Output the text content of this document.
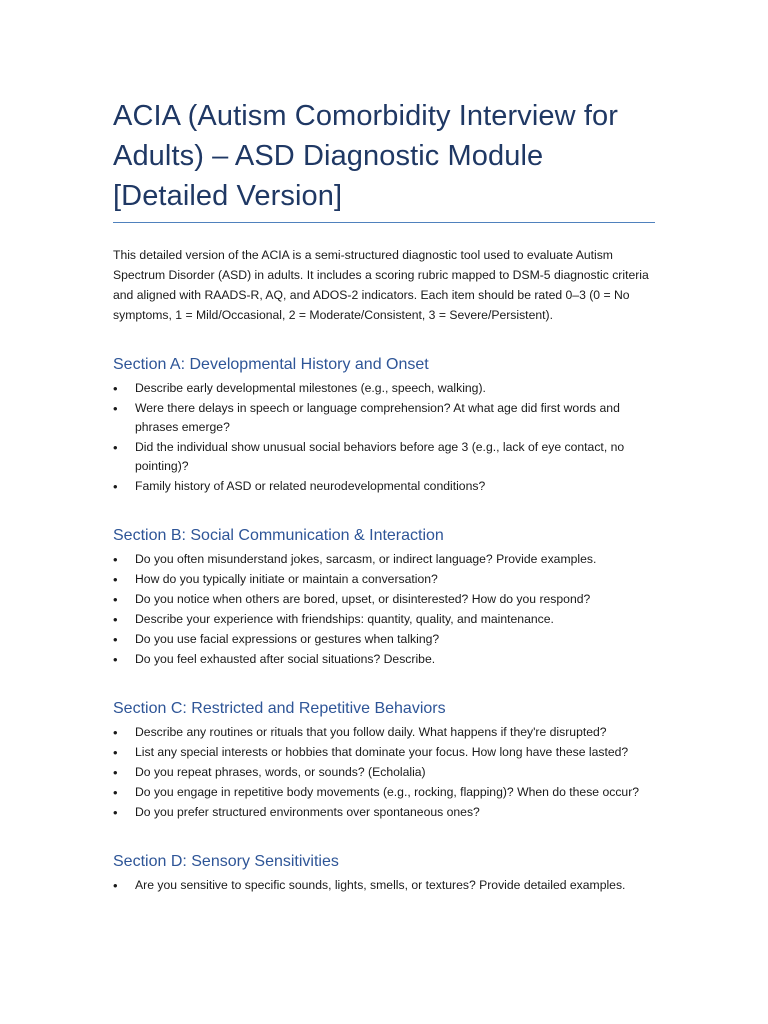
ACIA (Autism Comorbidity Interview for
Adults) – ASD Diagnostic Module
[Detailed Version]

This detailed version of the ACIA is a semi-structured diagnostic tool used to evaluate Autism Spectrum Disorder (ASD) in adults. It includes a scoring rubric mapped to DSM-5 diagnostic criteria and aligned with RAADS-R, AQ, and ADOS-2 indicators. Each item should be rated 0–3 (0 = No symptoms, 1 = Mild/Occasional, 2 = Moderate/Consistent, 3 = Severe/Persistent).

Section A: Developmental History and Onset
• Describe early developmental milestones (e.g., speech, walking).
• Were there delays in speech or language comprehension? At what age did first words and phrases emerge?
• Did the individual show unusual social behaviors before age 3 (e.g., lack of eye contact, no pointing)?
• Family history of ASD or related neurodevelopmental conditions?
Section B: Social Communication & Interaction
• Do you often misunderstand jokes, sarcasm, or indirect language? Provide examples.
• How do you typically initiate or maintain a conversation?
• Do you notice when others are bored, upset, or disinterested? How do you respond?
• Describe your experience with friendships: quantity, quality, and maintenance.
• Do you use facial expressions or gestures when talking?
• Do you feel exhausted after social situations? Describe.
Section C: Restricted and Repetitive Behaviors
• Describe any routines or rituals that you follow daily. What happens if they're disrupted?
• List any special interests or hobbies that dominate your focus. How long have these lasted?
• Do you repeat phrases, words, or sounds? (Echolalia)
• Do you engage in repetitive body movements (e.g., rocking, flapping)? When do these occur?
• Do you prefer structured environments over spontaneous ones?
Section D: Sensory Sensitivities
• Are you sensitive to specific sounds, lights, smells, or textures? Provide detailed examples.
